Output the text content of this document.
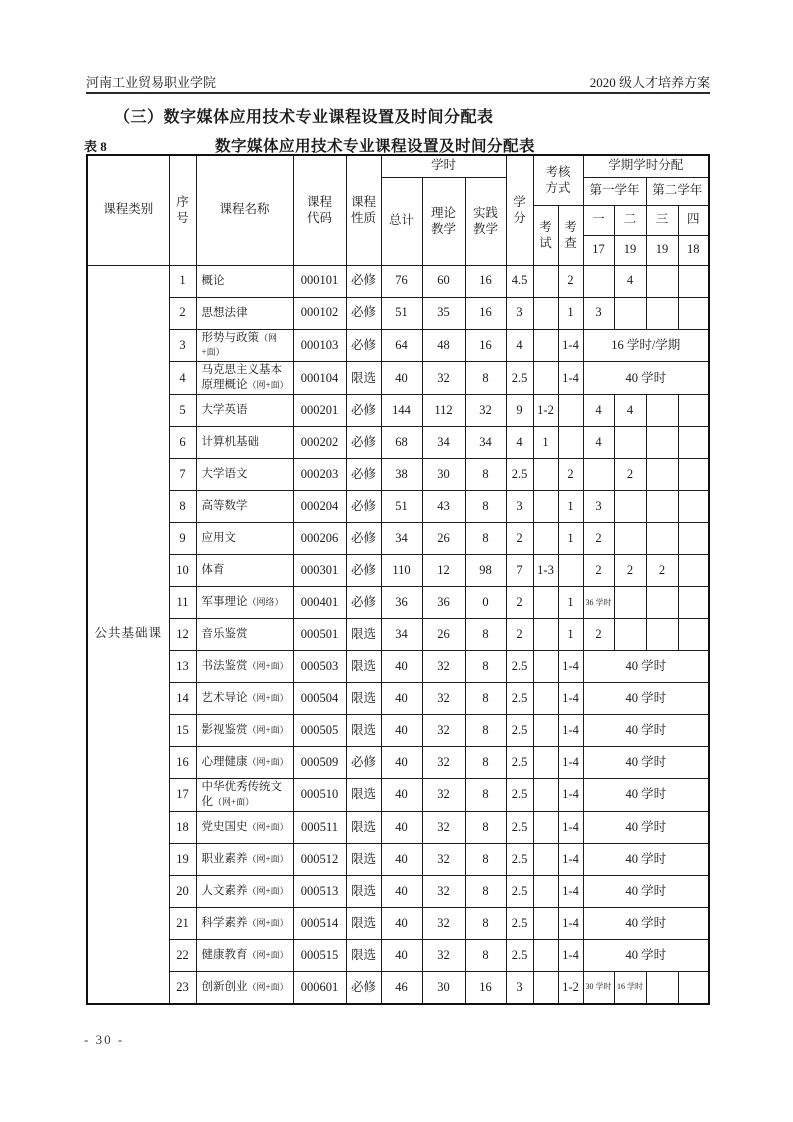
河南工业贸易职业学院	2020 级人才培养方案
（三）数字媒体应用技术专业课程设置及时间分配表
表 8	数字媒体应用技术专业课程设置及时间分配表
课程类别	序号	课程名称	课程代码	课程性质	学时			学分	考核方式		学期学时分配			
					总计	理论教学	实践教学				第一学年		第二学年	

									考试	考查	一	二	三	四
											17	19	19	18
公共基础课	1	概论	000101	必修	76	60	16	4.5		2		4		
	2	思想法律	000102	必修	51	35	16	3		1	3			
	3	形势与政策（网+面）	000103	必修	64	48	16	4		1-4	16 学时/学期			
	4	马克思主义基本原理概论（网+面）	000104	限选	40	32	8	2.5		1-4	40 学时			
	5	大学英语	000201	必修	144	112	32	9	1-2		4	4		
	6	计算机基础	000202	必修	68	34	34	4	1		4			
	7	大学语文	000203	必修	38	30	8	2.5		2		2		
	8	高等数学	000204	必修	51	43	8	3		1	3			
	9	应用文	000206	必修	34	26	8	2		1	2			
	10	体育	000301	必修	110	12	98	7	1-3		2	2	2	
	11	军事理论（网络）	000401	必修	36	36	0	2		1	36 学时			
	12	音乐鉴赏	000501	限选	34	26	8	2		1	2			
	13	书法鉴赏（网+面）	000503	限选	40	32	8	2.5		1-4	40 学时			
	14	艺术导论（网+面）	000504	限选	40	32	8	2.5		1-4	40 学时			
	15	影视鉴赏（网+面）	000505	限选	40	32	8	2.5		1-4	40 学时			
	16	心理健康（网+面）	000509	必修	40	32	8	2.5		1-4	40 学时			
	17	中华优秀传统文化（网+面）	000510	限选	40	32	8	2.5		1-4	40 学时			
	18	党史国史（网+面）	000511	限选	40	32	8	2.5		1-4	40 学时			
	19	职业素养（网+面）	000512	限选	40	32	8	2.5		1-4	40 学时			
	20	人文素养（网+面）	000513	限选	40	32	8	2.5		1-4	40 学时			
	21	科学素养（网+面）	000514	限选	40	32	8	2.5		1-4	40 学时			
	22	健康教育（网+面）	000515	限选	40	32	8	2.5		1-4	40 学时			
	23	创新创业（网+面）	000601	必修	46	30	16	3		1-2	30 学时	16 学时		
- 30 -
